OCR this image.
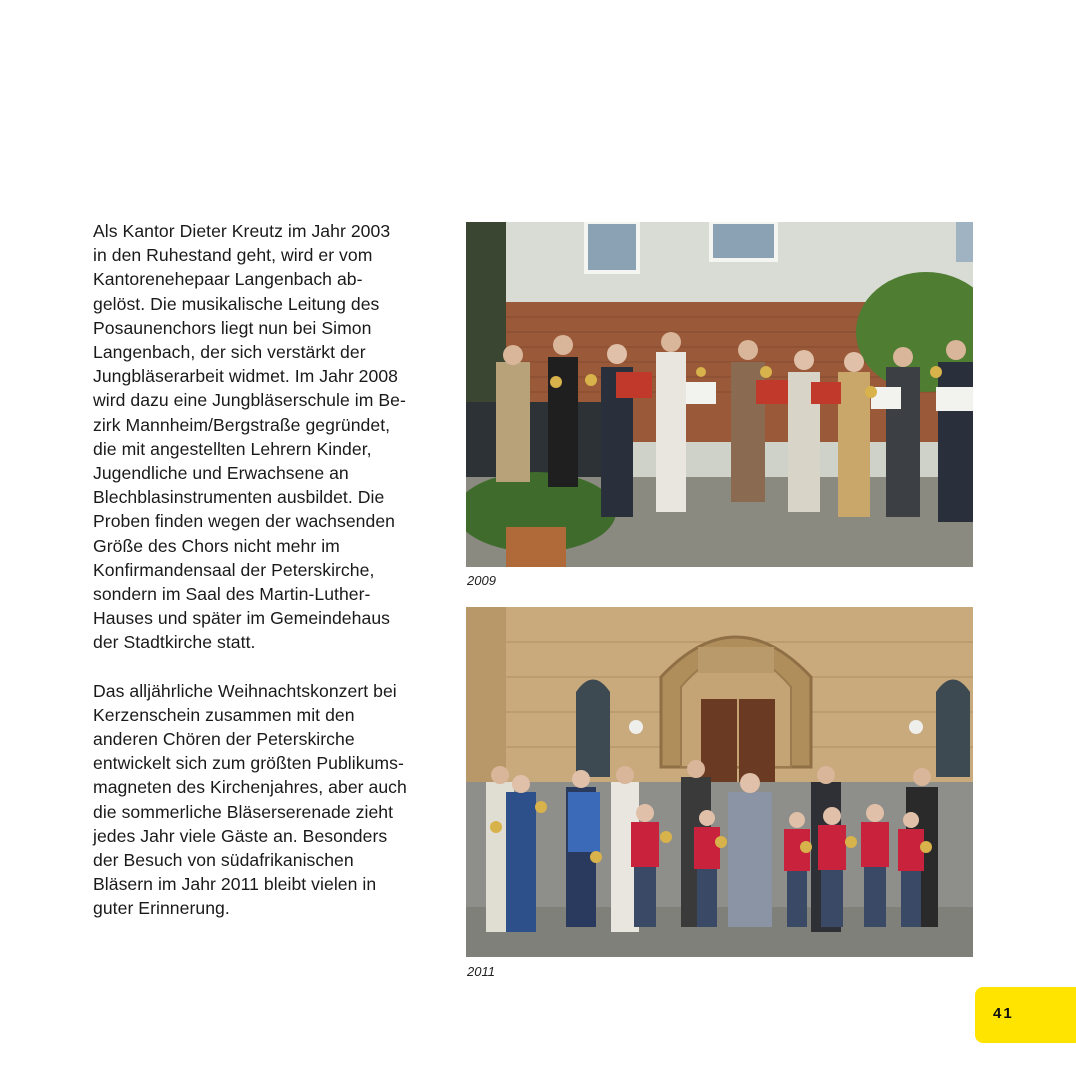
Als Kantor Dieter Kreutz im Jahr 2003
in den Ruhestand geht, wird er vom
Kantorenehepaar Langenbach ab-
gelöst. Die musikalische Leitung des
Posaunenchors liegt nun bei Simon
Langenbach, der sich verstärkt der
Jungbläserarbeit widmet. Im Jahr 2008
wird dazu eine Jungbläserschule im Be-
zirk Mannheim/Bergstraße gegründet,
die mit angestellten Lehrern Kinder,
Jugendliche und Erwachsene an
Blechblasinstrumenten ausbildet. Die
Proben finden wegen der wachsenden
Größe des Chors nicht mehr im
Konfirmandensaal der Peterskirche,
sondern im Saal des Martin-Luther-
Hauses und später im Gemeindehaus
der Stadtkirche statt.
Das alljährliche Weihnachtskonzert bei
Kerzenschein zusammen mit den
anderen Chören der Peterskirche
entwickelt sich zum größten Publikums-
magneten des Kirchenjahres, aber auch
die sommerliche Bläserserenade zieht
jedes Jahr viele Gäste an. Besonders
der Besuch von südafrikanischen
Bläsern im Jahr 2011 bleibt vielen in
guter Erinnerung.
2009
2011
41
